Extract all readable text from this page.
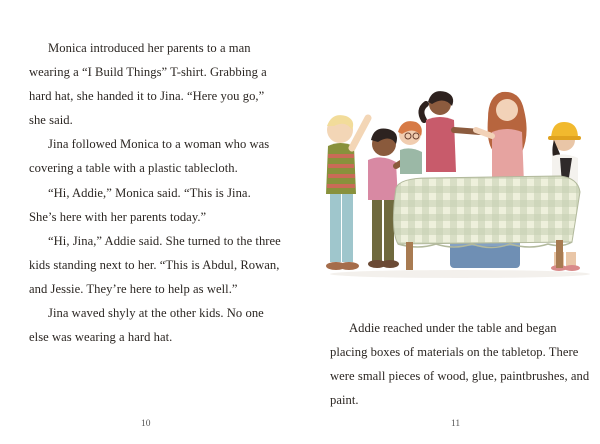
Monica introduced her parents to a man wearing a “I Build Things” T-shirt. Grabbing a hard hat, she handed it to Jina. “Here you go,” she said.

Jina followed Monica to a woman who was covering a table with a plastic tablecloth.

“Hi, Addie,” Monica said. “This is Jina. She’s here with her parents today.”

“Hi, Jina,” Addie said. She turned to the three kids standing next to her. “This is Abdul, Rowan, and Jessie. They’re here to help as well.”

Jina waved shyly at the other kids. No one else was wearing a hard hat.

10

Addie reached under the table and began placing boxes of materials on the tabletop. There were small pieces of wood, glue, paintbrushes, and paint.

11
